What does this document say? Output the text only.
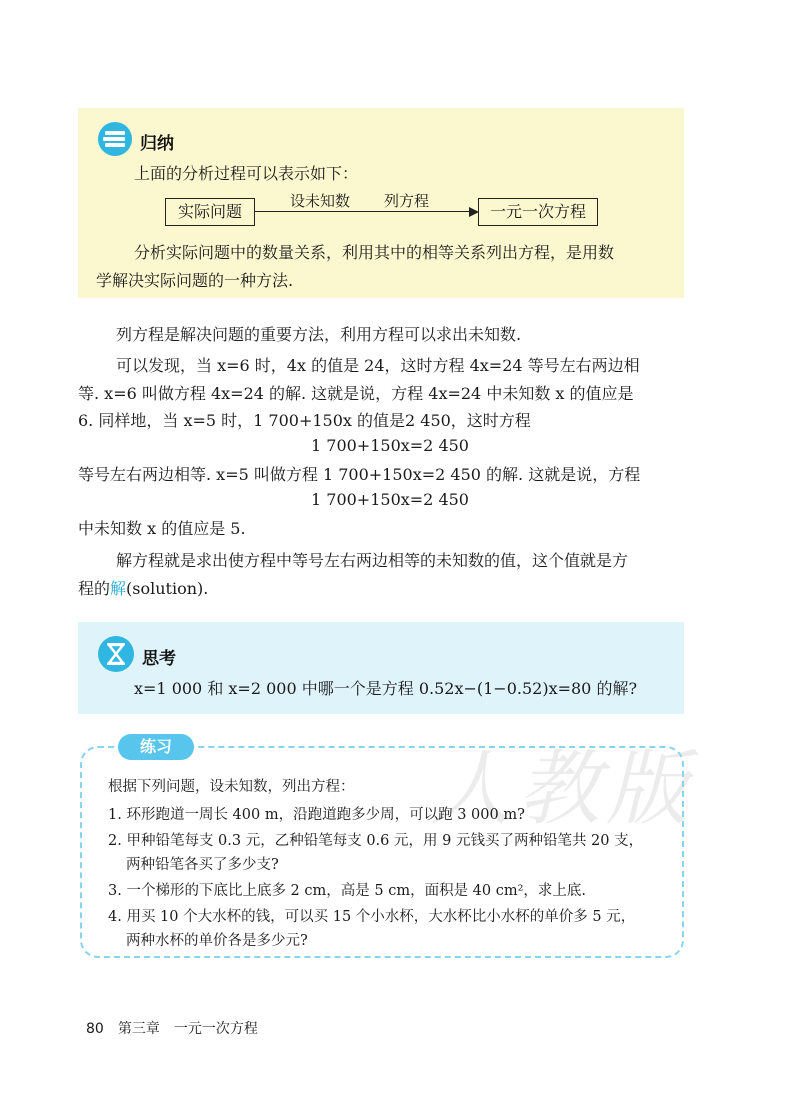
归纳
上面的分析过程可以表示如下：
实际问题
设未知数 列方程
一元一次方程
分析实际问题中的数量关系，利用其中的相等关系列出方程，是用数
学解决实际问题的一种方法.
列方程是解决问题的重要方法，利用方程可以求出未知数.
可以发现，当 x=6 时，4x 的值是 24，这时方程 4x=24 等号左右两边相
等. x=6 叫做方程 4x=24 的解. 这就是说，方程 4x=24 中未知数 x 的值应是
6. 同样地，当 x=5 时，1 700+150x 的值是2 450，这时方程
1 700+150x=2 450
等号左右两边相等. x=5 叫做方程 1 700+150x=2 450 的解. 这就是说，方程
1 700+150x=2 450
中未知数 x 的值应是 5.
解方程就是求出使方程中等号左右两边相等的未知数的值，这个值就是方
程的解(solution).
思考
x=1 000 和 x=2 000 中哪一个是方程 0.52x−(1−0.52)x=80 的解?
人教版
练习
根据下列问题，设未知数，列出方程：
1. 环形跑道一周长 400 m，沿跑道跑多少周，可以跑 3 000 m?
2. 甲种铅笔每支 0.3 元，乙种铅笔每支 0.6 元，用 9 元钱买了两种铅笔共 20 支，
两种铅笔各买了多少支?
3. 一个梯形的下底比上底多 2 cm，高是 5 cm，面积是 40 cm²，求上底.
4. 用买 10 个大水杯的钱，可以买 15 个小水杯，大水杯比小水杯的单价多 5 元，
两种水杯的单价各是多少元?
80 第三章　一元一次方程
